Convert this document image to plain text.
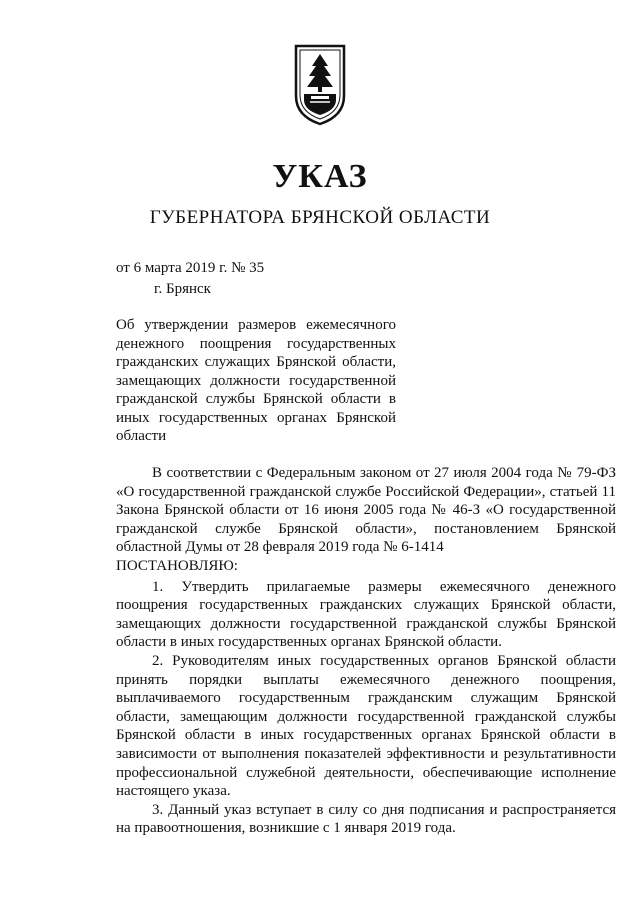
УКАЗ
ГУБЕРНАТОРА БРЯНСКОЙ ОБЛАСТИ
от 6 марта 2019 г. № 35
г. Брянск
Об утверждении размеров ежемесячного денежного поощрения государственных гражданских служащих Брянской области, замещающих должности государственной гражданской службы Брянской области в иных государственных органах Брянской области

В соответствии с Федеральным законом от 27 июля 2004 года № 79-ФЗ «О государственной гражданской службе Российской Федерации», статьей 11 Закона Брянской области от 16 июня 2005 года № 46-З «О государственной гражданской службе Брянской области», постановлением Брянской областной Думы от 28 февраля 2019 года № 6-1414

ПОСТАНОВЛЯЮ:

1. Утвердить прилагаемые размеры ежемесячного денежного поощрения государственных гражданских служащих Брянской области, замещающих должности государственной гражданской службы Брянской области в иных государственных органах Брянской области.

2. Руководителям иных государственных органов Брянской области принять порядки выплаты ежемесячного денежного поощрения, выплачиваемого государственным гражданским служащим Брянской области, замещающим должности государственной гражданской службы Брянской области в иных государственных органах Брянской области в зависимости от выполнения показателей эффективности и результативности профессиональной служебной деятельности, обеспечивающие исполнение настоящего указа.

3. Данный указ вступает в силу со дня подписания и распространяется на правоотношения, возникшие с 1 января 2019 года.
